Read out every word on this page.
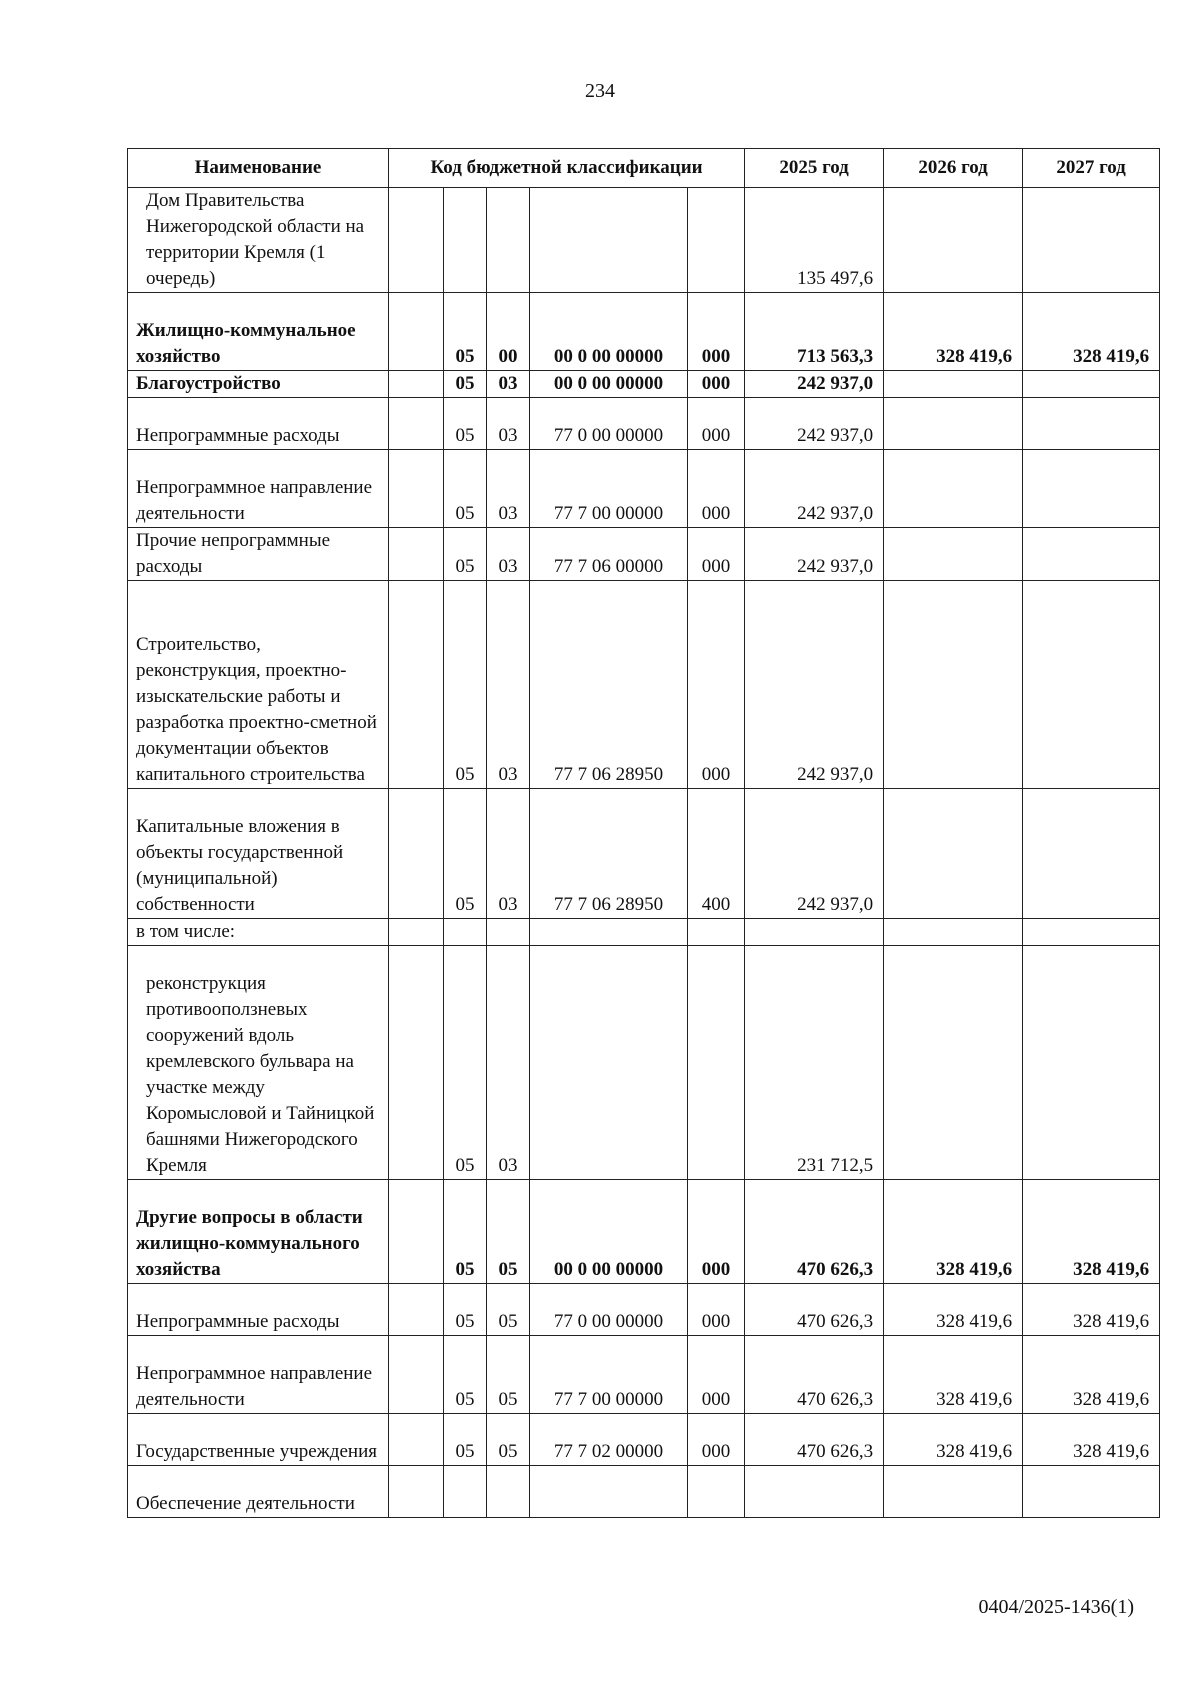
234
Наименование	Код бюджетной классификации					2025 год	2026 год	2027 год
Дом Правительства Нижегородской области на территории Кремля (1 очередь)						135 497,6		
Жилищно-коммунальное хозяйство		05	00	00 0 00 00000	000	713 563,3	328 419,6	328 419,6
Благоустройство		05	03	00 0 00 00000	000	242 937,0		
Непрограммные расходы		05	03	77 0 00 00000	000	242 937,0		
Непрограммное направление деятельности		05	03	77 7 00 00000	000	242 937,0		
Прочие непрограммные расходы		05	03	77 7 06 00000	000	242 937,0		
Строительство, реконструкция, проектно-изыскательские работы и разработка проектно-сметной документации объектов капитального строительства		05	03	77 7 06 28950	000	242 937,0		
Капитальные вложения в объекты государственной (муниципальной) собственности		05	03	77 7 06 28950	400	242 937,0		
в том числе:								
реконструкция противооползневых сооружений вдоль кремлевского бульвара на участке между Коромысловой и Тайницкой башнями Нижегородского Кремля		05	03			231 712,5		
Другие вопросы в области жилищно-коммунального хозяйства		05	05	00 0 00 00000	000	470 626,3	328 419,6	328 419,6
Непрограммные расходы		05	05	77 0 00 00000	000	470 626,3	328 419,6	328 419,6
Непрограммное направление деятельности		05	05	77 7 00 00000	000	470 626,3	328 419,6	328 419,6
Государственные учреждения		05	05	77 7 02 00000	000	470 626,3	328 419,6	328 419,6
Обеспечение деятельности								
0404/2025-1436(1)
